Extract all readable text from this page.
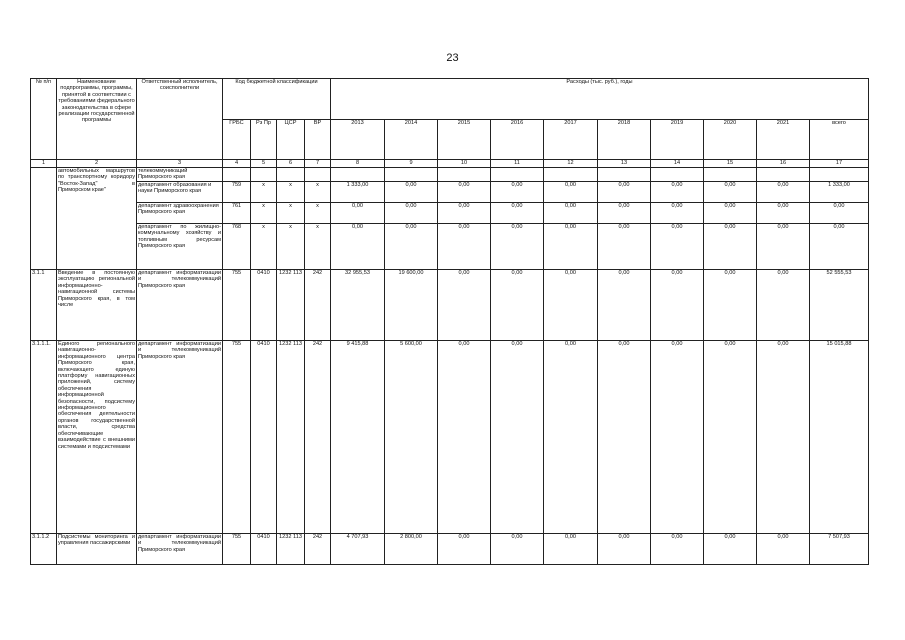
23
№ п/п	Наименование подпрограммы, программы, принятой в соответствии с требованиями федерального законодательства в сфере реализации государственной программы	Ответственный исполнитель, соисполнители	Код бюджетной классификации				Расходы (тыс. руб.), годы									
			ГРБС	Рз Пр	ЦСР	ВР	2013	2014	2015	2016	2017	2018	2019	2020	2021	всего
1	2	3	4	5	6	7	8	9	10	11	12	13	14	15	16	17
	автомобильных маршрутов по транспортному коридору "Восток-Запад" в Приморском крае"	телекоммуникаций Приморского края														
		департамент образования и науки Приморского края	759	x	x	x	1 333,00	0,00	0,00	0,00	0,00	0,00	0,00	0,00	0,00	1 333,00
		департамент здравоохранения Приморского края	761	x	x	x	0,00	0,00	0,00	0,00	0,00	0,00	0,00	0,00	0,00	0,00
		департамент по жилищно-коммунальному хозяйству и топливным ресурсам Приморского края	768	x	x	x	0,00	0,00	0,00	0,00	0,00	0,00	0,00	0,00	0,00	0,00
3.1.1	Введение в постоянную эксплуатацию региональной информационно-навигационной системы Приморского края, в том числе	департамент информатизации и телекоммуникаций Приморского края	755	0410	1232 113	242	32 955,53	19 600,00	0,00	0,00	0,00	0,00	0,00	0,00	0,00	52 555,53
3.1.1.1.	Единого регионального навигационно-информационного центра Приморского края, включающего единую платформу навигационных приложений, систему обеспечения информационной безопасности, подсистему информационного обеспечения деятельности органов государственной власти, средства обеспечивающие взаимодействие с внешними системами и подсистемами	департамент информатизации и телекоммуникаций Приморского края	755	0410	1232 113	242	9 415,88	5 600,00	0,00	0,00	0,00	0,00	0,00	0,00	0,00	15 015,88
3.1.1.2	Подсистемы мониторинга и управления пассажирскими	департамент информатизации и телекоммуникаций Приморского края	755	0410	1232 113	242	4 707,93	2 800,00	0,00	0,00	0,00	0,00	0,00	0,00	0,00	7 507,93
